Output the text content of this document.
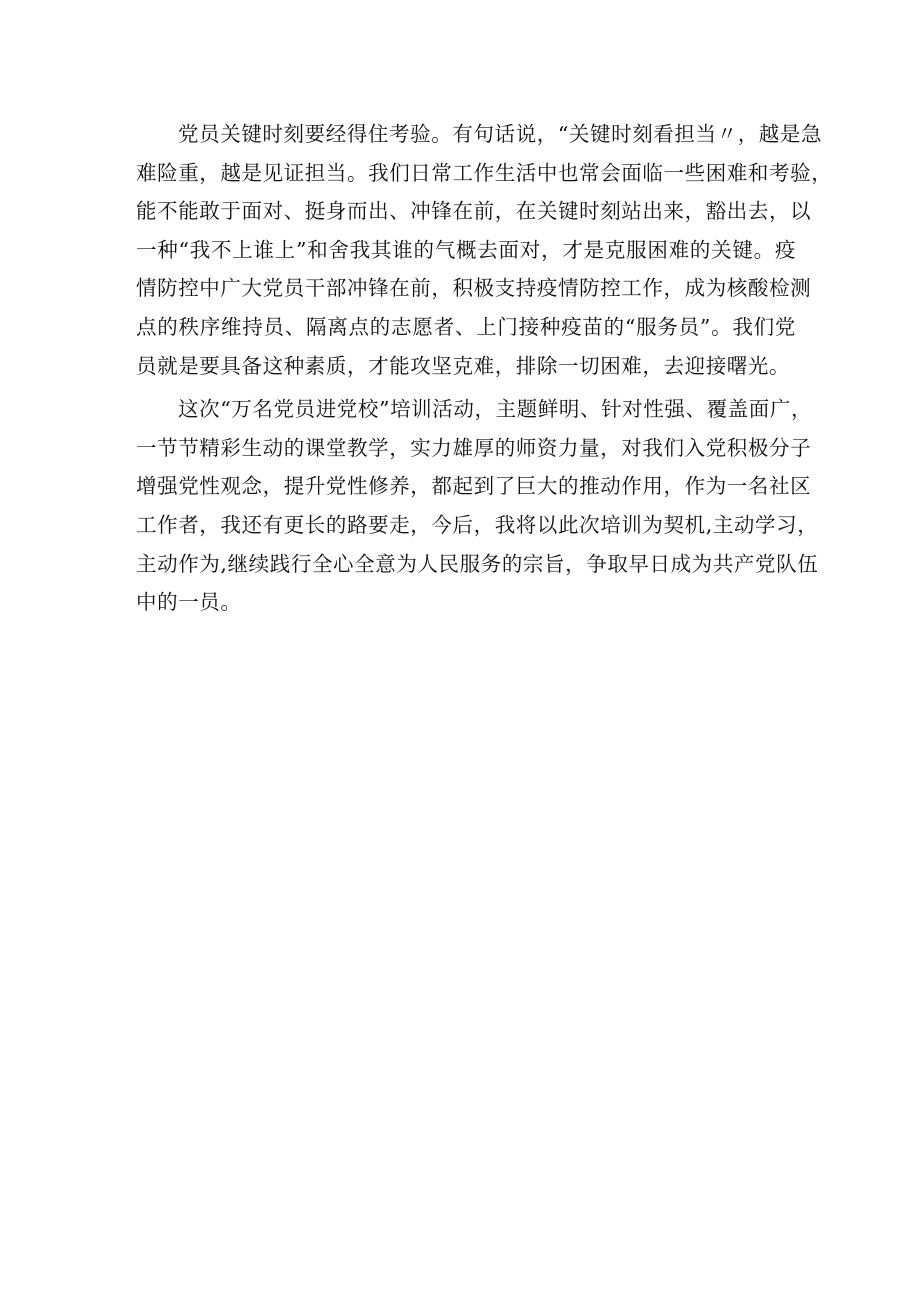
党员关键时刻要经得住考验。有句话说，“关键时刻看担当〃，越是急
难险重，越是见证担当。我们日常工作生活中也常会面临一些困难和考验，
能不能敢于面对、挺身而出、冲锋在前，在关键时刻站出来，豁出去，以
一种“我不上谁上”和舍我其谁的气概去面对，才是克服困难的关键。疫
情防控中广大党员干部冲锋在前，积极支持疫情防控工作，成为核酸检测
点的秩序维持员、隔离点的志愿者、上门接种疫苗的“服务员”。我们党
员就是要具备这种素质，才能攻坚克难，排除一切困难，去迎接曙光。

这次“万名党员进党校”培训活动，主题鲜明、针对性强、覆盖面广，
一节节精彩生动的课堂教学，实力雄厚的师资力量，对我们入党积极分子
增强党性观念，提升党性修养，都起到了巨大的推动作用，作为一名社区
工作者，我还有更长的路要走，今后，我将以此次培训为契机,主动学习，
主动作为,继续践行全心全意为人民服务的宗旨，争取早日成为共产党队伍
中的一员。
